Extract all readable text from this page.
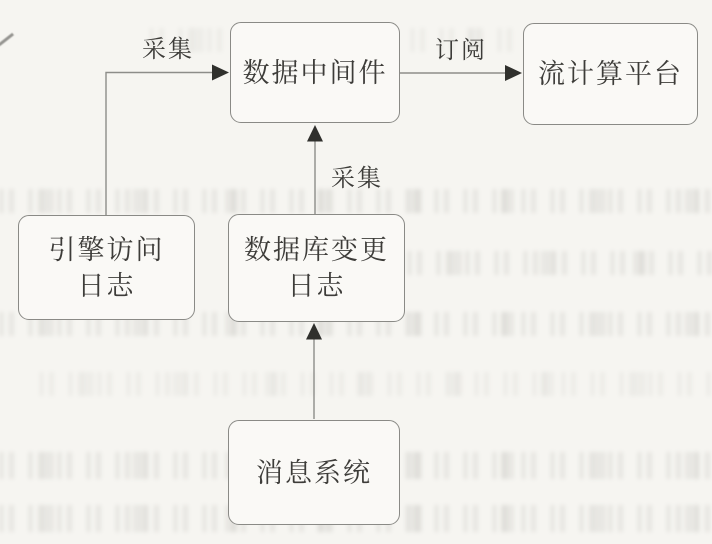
采集	订阅
采集
数据中间件	流计算平台
引擎访问
日志
数据库变更
日志
消息系统
